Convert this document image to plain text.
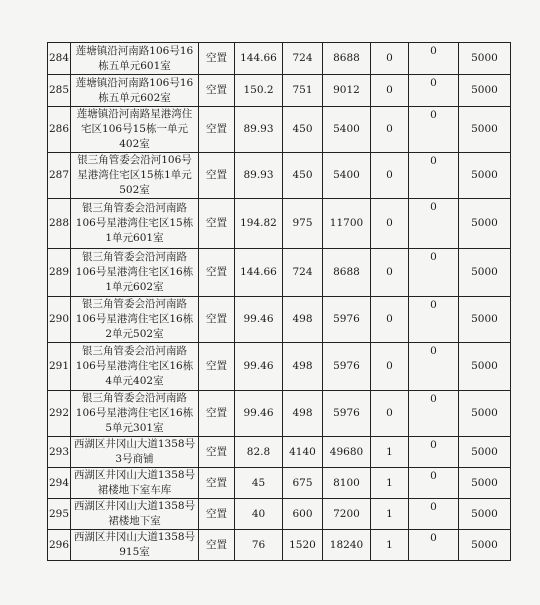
284	莲塘镇沿河南路106号16栋五单元601室	空置	144.66	724	8688	0	0	5000
285	莲塘镇沿河南路106号16栋五单元602室	空置	150.2	751	9012	0	0	5000
286	莲塘镇沿河南路星港湾住宅区106号15栋一单元402室	空置	89.93	450	5400	0	0	5000
287	银三角管委会沿河106号星港湾住宅区15栋1单元502室	空置	89.93	450	5400	0	0	5000
288	银三角管委会沿河南路106号星港湾住宅区15栋1单元601室	空置	194.82	975	11700	0	0	5000
289	银三角管委会沿河南路106号星港湾住宅区16栋1单元602室	空置	144.66	724	8688	0	0	5000
290	银三角管委会沿河南路106号星港湾住宅区16栋2单元502室	空置	99.46	498	5976	0	0	5000
291	银三角管委会沿河南路106号星港湾住宅区16栋4单元402室	空置	99.46	498	5976	0	0	5000
292	银三角管委会沿河南路106号星港湾住宅区16栋5单元301室	空置	99.46	498	5976	0	0	5000
293	西湖区井冈山大道1358号3号商铺	空置	82.8	4140	49680	1	0	5000
294	西湖区井冈山大道1358号裙楼地下室车库	空置	45	675	8100	1	0	5000
295	西湖区井冈山大道1358号裙楼地下室	空置	40	600	7200	1	0	5000
296	西湖区井冈山大道1358号915室	空置	76	1520	18240	1	0	5000
